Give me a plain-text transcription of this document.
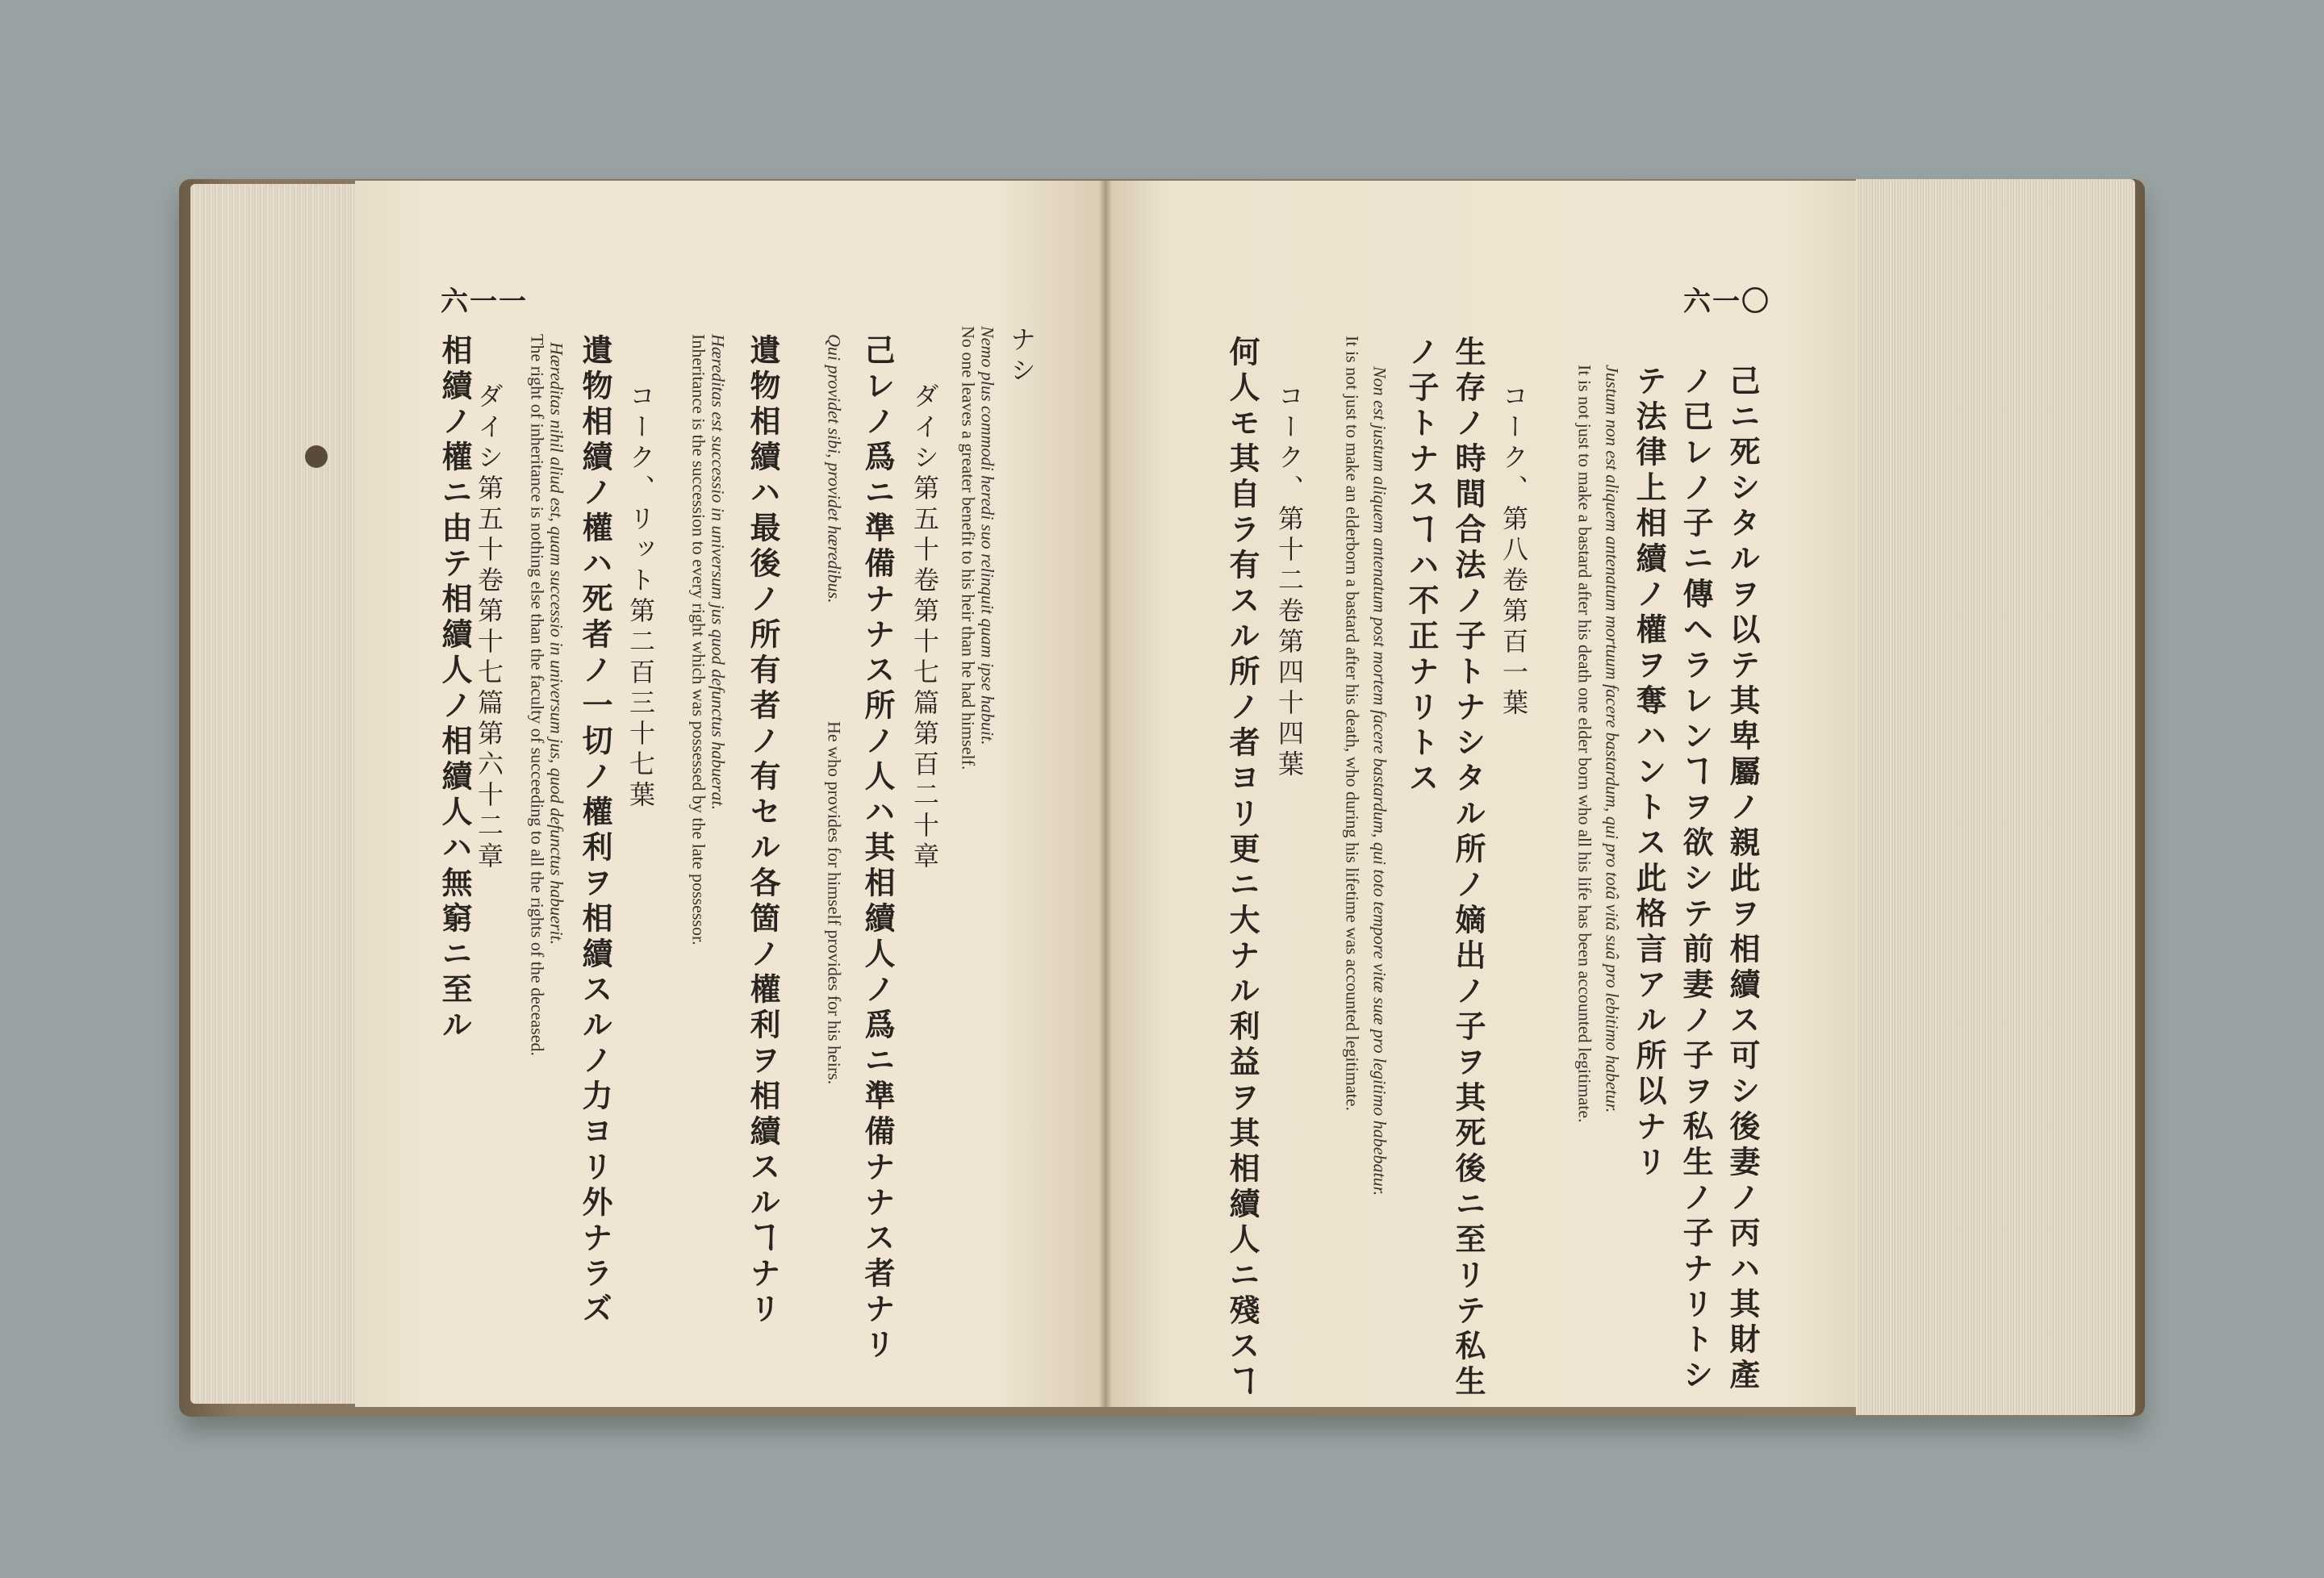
六一一
ナシ
Nemo plus commodi heredi suo relinquit quam ipse habuit.
No one leaves a greater benefit to his heir than he had himself.
ダイシ第五十卷第十七篇第百二十章
己レノ爲ニ準備ナナス所ノ人ハ其相續人ノ爲ニ準備ナナス者ナリ
Qui providet sibi, providet hæredibus.
He who provides for himself provides for his heirs.
遺物相續ハ最後ノ所有者ノ有セル各箇ノ權利ヲ相續スルヿナリ
Hæreditas est successio in universum jus quod defunctus habuerat.
Inheritance is the succession to every right which was possessed by the late possessor.
コーク、リット第二百三十七葉
遺物相續ノ權ハ死者ノ一切ノ權利ヲ相續スルノ力ヨリ外ナラズ
Hæreditas nihil aliud est, quam successio in universum jus, quod defunctus habuerit.
The right of inheritance is nothing else than the faculty of succeeding to all the rights of the deceased.
ダイシ第五十卷第十七篇第六十二章
相續ノ權ニ由テ相續人ノ相續人ハ無窮ニ至ル
六一〇
己ニ死シタルヲ以テ其卑屬ノ親此ヲ相續ス可シ後妻ノ丙ハ其財產
ノ已レノ子ニ傳ヘラレンヿヲ欲シテ前妻ノ子ヲ私生ノ子ナリトシ
テ法律上相續ノ權ヲ奪ハントス此格言アル所以ナリ
Justum non est aliquem antenatum mortuum facere bastardum, qui pro totâ vitâ suâ pro lebitimo habetur.
It is not just to make a bastard after his death one elder born who all his life has been accounted legitimate.
コーク、第八卷第百一葉
生存ノ時間合法ノ子トナシタル所ノ嫡出ノ子ヲ其死後ニ至リテ私生
ノ子トナスヿハ不正ナリトス
Non est justum aliquem antenatum post mortem facere bastardum, qui toto tempore vitæ suæ pro legitimo habebatur.
It is not just to make an elderborn a bastard after his death, who during his lifetime was accounted legitimate.
コーク、第十二卷第四十四葉
何人モ其自ラ有スル所ノ者ヨリ更ニ大ナル利益ヲ其相續人ニ殘スヿ
